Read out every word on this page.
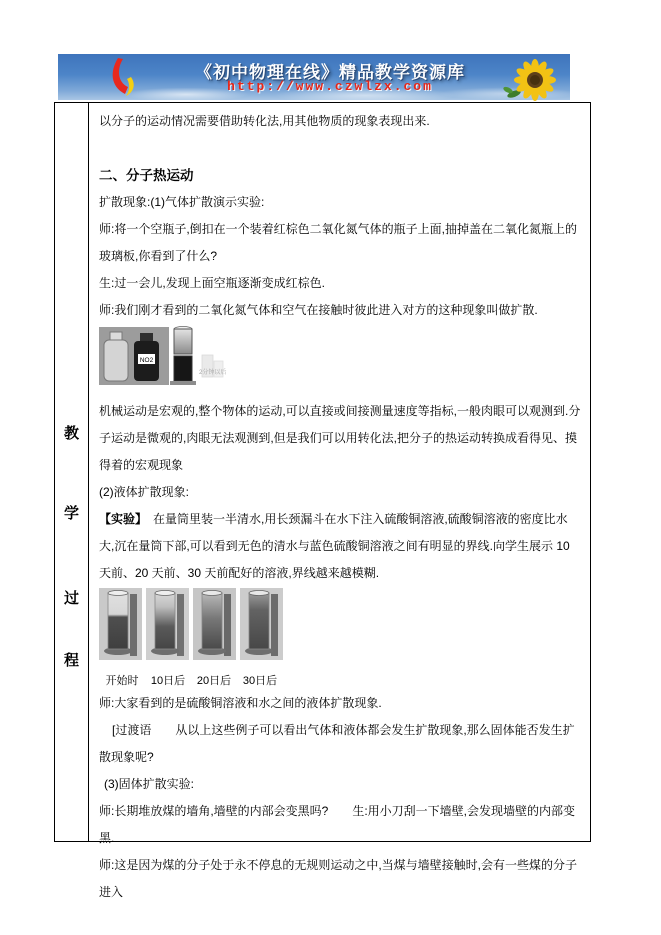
《初中物理在线》精品教学资源库
http://www.czwlzx.com
教
学
过
程

以分子的运动情况需要借助转化法,用其他物质的现象表现出来.

二、分子热运动

扩散现象:(1)气体扩散演示实验:

师:将一个空瓶子,倒扣在一个装着红棕色二氧化氮气体的瓶子上面,抽掉盖在二氧化氮瓶上的玻璃板,你看到了什么?

生:过一会儿,发现上面空瓶逐渐变成红棕色.

师:我们刚才看到的二氧化氮气体和空气在接触时彼此进入对方的这种现象叫做扩散.

NO2
2分钟以后

机械运动是宏观的,整个物体的运动,可以直接或间接测量速度等指标,一般肉眼可以观测到.分子运动是微观的,肉眼无法观测到,但是我们可以用转化法,把分子的热运动转换成看得见、摸得着的宏观现象

(2)液体扩散现象:

【实验】　在量筒里装一半清水,用长颈漏斗在水下注入硫酸铜溶液,硫酸铜溶液的密度比水大,沉在量筒下部,可以看到无色的清水与蓝色硫酸铜溶液之间有明显的界线.向学生展示 10 天前、20 天前、30 天前配好的溶液,界线越来越模糊.

开始时	10日后	20日后	30日后

师:大家看到的是硫酸铜溶液和水之间的液体扩散现象.

[过渡语　　从以上这些例子可以看出气体和液体都会发生扩散现象,那么固体能否发生扩散现象呢?

(3)固体扩散实验:

师:长期堆放煤的墙角,墙壁的内部会变黑吗?　　生:用小刀刮一下墙壁,会发现墙壁的内部变黑.

师:这是因为煤的分子处于永不停息的无规则运动之中,当煤与墙壁接触时,会有一些煤的分子进入
